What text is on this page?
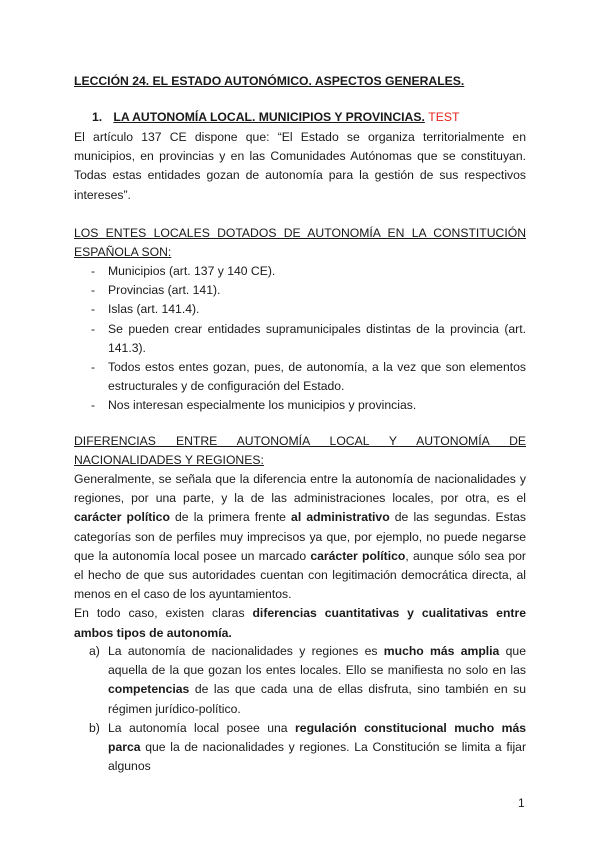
LECCIÓN 24. EL ESTADO AUTONÓMICO. ASPECTOS GENERALES.
1. LA AUTONOMÍA LOCAL. MUNICIPIOS Y PROVINCIAS. TEST
El artículo 137 CE dispone que: “El Estado se organiza territorialmente en municipios, en provincias y en las Comunidades Autónomas que se constituyan. Todas estas entidades gozan de autonomía para la gestión de sus respectivos intereses”.
LOS ENTES LOCALES DOTADOS DE AUTONOMÍA EN LA CONSTITUCIÓN ESPAÑOLA SON:
- Municipios (art. 137 y 140 CE).
- Provincias (art. 141).
- Islas (art. 141.4).
- Se pueden crear entidades supramunicipales distintas de la provincia (art. 141.3).
- Todos estos entes gozan, pues, de autonomía, a la vez que son elementos estructurales y de configuración del Estado.
- Nos interesan especialmente los municipios y provincias.
DIFERENCIAS ENTRE AUTONOMÍA LOCAL Y AUTONOMÍA DE NACIONALIDADES Y REGIONES:
Generalmente, se señala que la diferencia entre la autonomía de nacionalidades y regiones, por una parte, y la de las administraciones locales, por otra, es el carácter político de la primera frente al administrativo de las segundas. Estas categorías son de perfiles muy imprecisos ya que, por ejemplo, no puede negarse que la autonomía local posee un marcado carácter político, aunque sólo sea por el hecho de que sus autoridades cuentan con legitimación democrática directa, al menos en el caso de los ayuntamientos.
En todo caso, existen claras diferencias cuantitativas y cualitativas entre ambos tipos de autonomía.
a) La autonomía de nacionalidades y regiones es mucho más amplia que aquella de la que gozan los entes locales. Ello se manifiesta no solo en las competencias de las que cada una de ellas disfruta, sino también en su régimen jurídico-político.
b) La autonomía local posee una regulación constitucional mucho más parca que la de nacionalidades y regiones. La Constitución se limita a fijar algunos
1
